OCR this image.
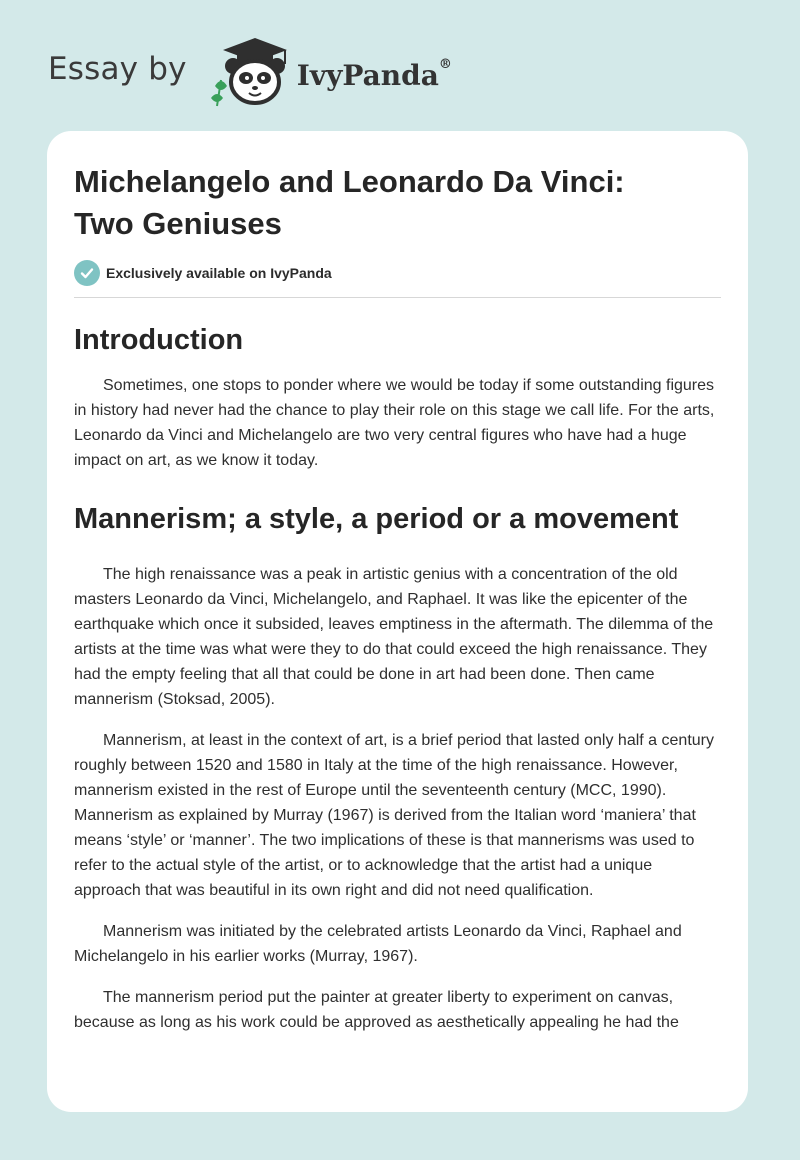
Essay by	IvyPanda®
Michelangelo and Leonardo Da Vinci:
Two Geniuses
Exclusively available on IvyPanda
Introduction

Sometimes, one stops to ponder where we would be today if some outstanding figures in history had never had the chance to play their role on this stage we call life. For the arts, Leonardo da Vinci and Michelangelo are two very central figures who have had a huge impact on art, as we know it today.

Mannerism; a style, a period or a movement

The high renaissance was a peak in artistic genius with a concentration of the old masters Leonardo da Vinci, Michelangelo, and Raphael. It was like the epicenter of the earthquake which once it subsided, leaves emptiness in the aftermath. The dilemma of the artists at the time was what were they to do that could exceed the high renaissance. They had the empty feeling that all that could be done in art had been done. Then came mannerism (Stoksad, 2005).

Mannerism, at least in the context of art, is a brief period that lasted only half a century roughly between 1520 and 1580 in Italy at the time of the high renaissance. However, mannerism existed in the rest of Europe until the seventeenth century (MCC, 1990). Mannerism as explained by Murray (1967) is derived from the Italian word ‘maniera’ that means ‘style’ or ‘manner’. The two implications of these is that mannerisms was used to refer to the actual style of the artist, or to acknowledge that the artist had a unique approach that was beautiful in its own right and did not need qualification.

Mannerism was initiated by the celebrated artists Leonardo da Vinci, Raphael and Michelangelo in his earlier works (Murray, 1967).

The mannerism period put the painter at greater liberty to experiment on canvas, because as long as his work could be approved as aesthetically appealing he had the
